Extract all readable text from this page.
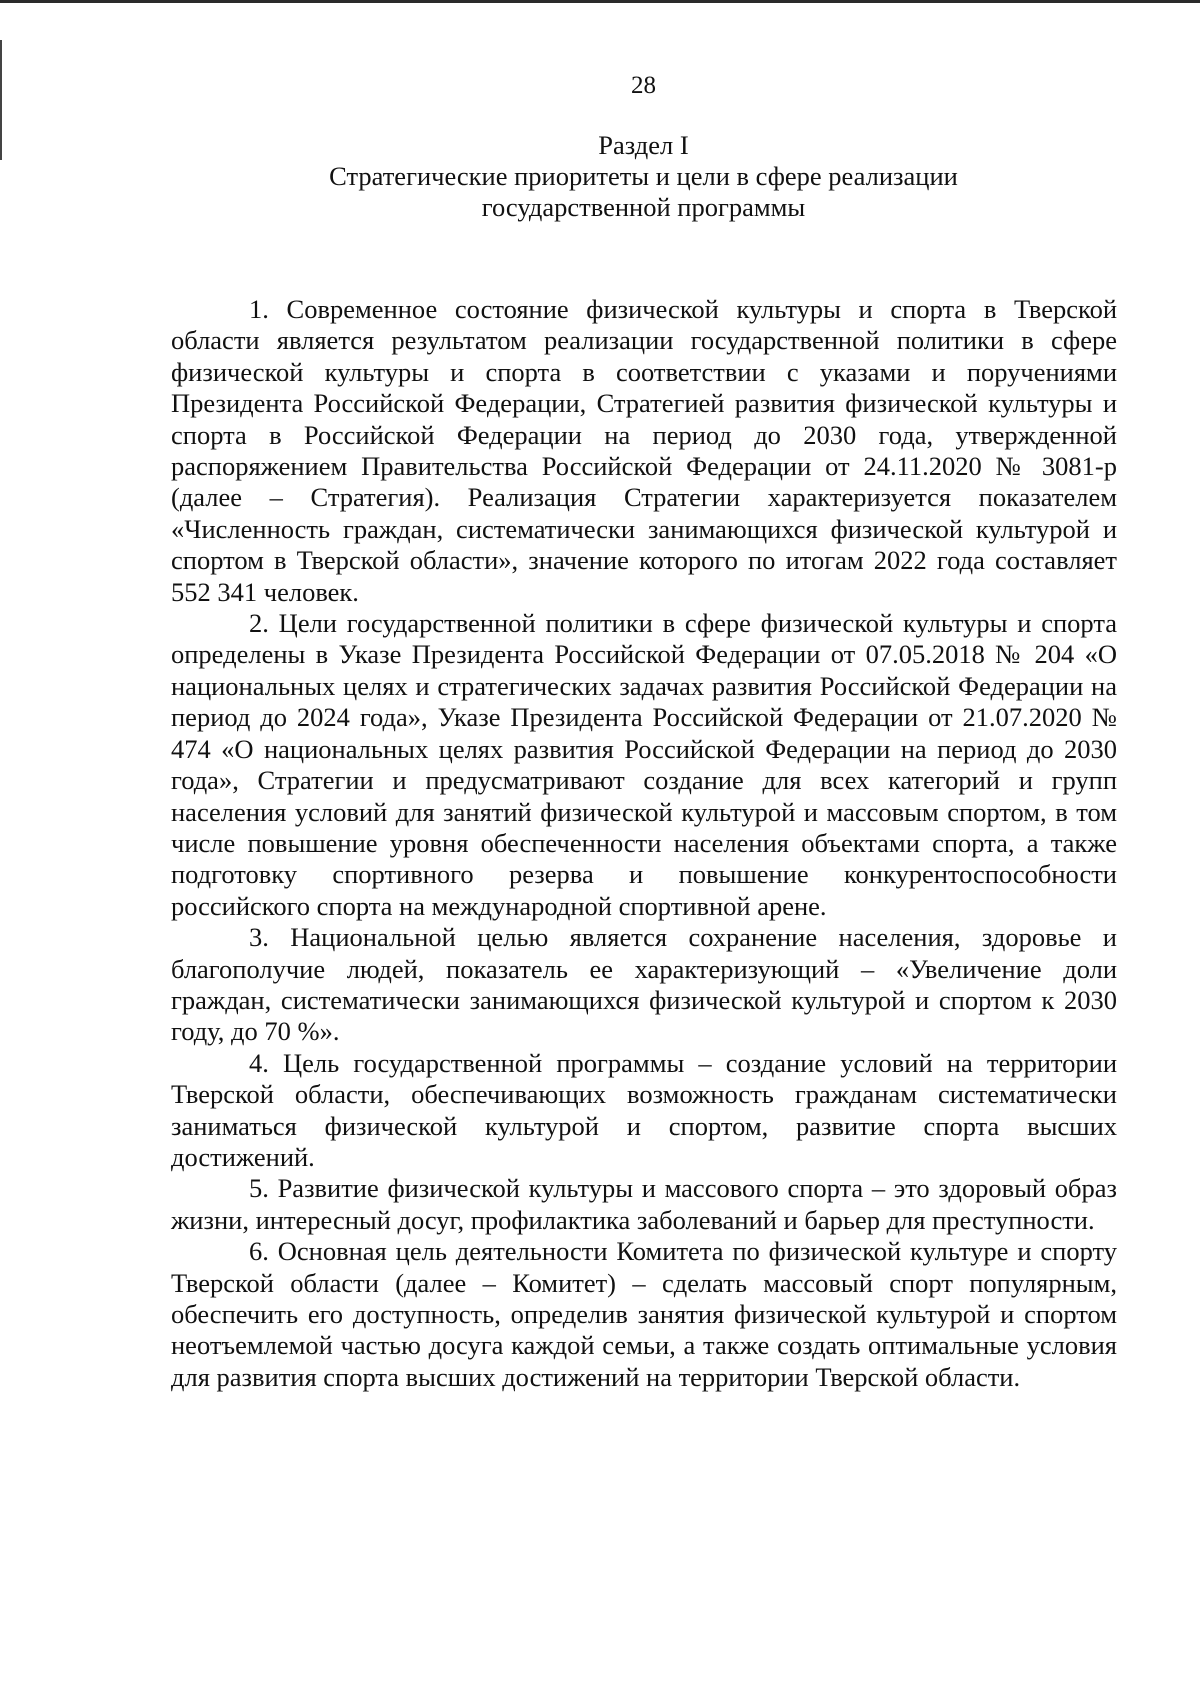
28
Раздел I
Стратегические приоритеты и цели в сфере реализации
государственной программы

1. Современное состояние физической культуры и спорта в Тверской области является результатом реализации государственной политики в сфере физической культуры и спорта в соответствии с указами и поручениями Президента Российской Федерации, Стратегией развития физической культуры и спорта в Российской Федерации на период до 2030 года, утвержденной распоряжением Правительства Российской Федерации от 24.11.2020 № 3081-р (далее – Стратегия). Реализация Стратегии характеризуется показателем «Численность граждан, систематически занимающихся физической культурой и спортом в Тверской области», значение которого по итогам 2022 года составляет 552 341 человек.

2. Цели государственной политики в сфере физической культуры и спорта определены в Указе Президента Российской Федерации от 07.05.2018 № 204 «О национальных целях и стратегических задачах развития Российской Федерации на период до 2024 года», Указе Президента Российской Федерации от 21.07.2020 № 474 «О национальных целях развития Российской Федерации на период до 2030 года», Стратегии и предусматривают создание для всех категорий и групп населения условий для занятий физической культурой и массовым спортом, в том числе повышение уровня обеспеченности населения объектами спорта, а также подготовку спортивного резерва и повышение конкурентоспособности российского спорта на международной спортивной арене.

3. Национальной целью является сохранение населения, здоровье и благополучие людей, показатель ее характеризующий – «Увеличение доли граждан, систематически занимающихся физической культурой и спортом к 2030 году, до 70 %».

4. Цель государственной программы – создание условий на территории Тверской области, обеспечивающих возможность гражданам систематически заниматься физической культурой и спортом, развитие спорта высших достижений.

5. Развитие физической культуры и массового спорта – это здоровый образ жизни, интересный досуг, профилактика заболеваний и барьер для преступности.

6. Основная цель деятельности Комитета по физической культуре и спорту Тверской области (далее – Комитет) – сделать массовый спорт популярным, обеспечить его доступность, определив занятия физической культурой и спортом неотъемлемой частью досуга каждой семьи, а также создать оптимальные условия для развития спорта высших достижений на территории Тверской области.
